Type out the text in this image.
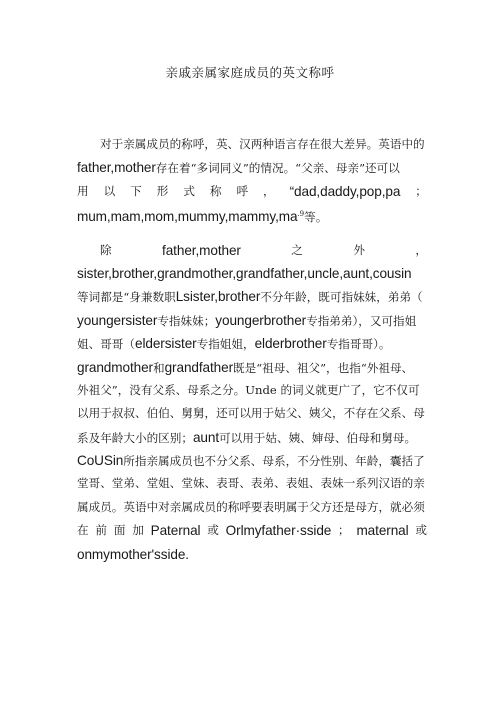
亲戚亲属家庭成员的英文称呼

对于亲属成员的称呼，英、汉两种语言存在很大差异。英语中的
father,mother存在着“多词同义”的情况。“父亲、母亲”还可以
用 以 下 形 式 称 呼 ， “dad,daddy,pop,pa ；
$mum,mam,mom,mummy,mammy,ma^{.9}$等。

除	father,mother	之	外	，
sister,brother,grandmother,grandfather,uncle,aunt,cousin
等词都是“身兼数职Lsister,brother不分年龄，既可指妹妹，弟弟（
youngersister专指妹妹；youngerbrother专指弟弟），又可指姐
姐、哥哥（eldersister专指姐姐，elderbrother专指哥哥）。
grandmother和grandfather既是“祖母、祖父”，也指“外祖母、
外祖父”，没有父系、母系之分。Unde 的词义就更广了，它不仅可
以用于叔叔、伯伯、舅舅，还可以用于姑父、姨父，不存在父系、母
系及年龄大小的区别；aunt可以用于姑、姨、婶母、伯母和舅母。
CoUSin所指亲属成员也不分父系、母系，不分性别、年龄，囊括了
堂哥、堂弟、堂姐、堂妹、表哥、表弟、表姐、表妹一系列汉语的亲
属成员。英语中对亲属成员的称呼要表明属于父方还是母方，就必须
在 前 面 加 Paternal 或 Orlmyfather·sside ； maternal 或
onmymother'sside.
